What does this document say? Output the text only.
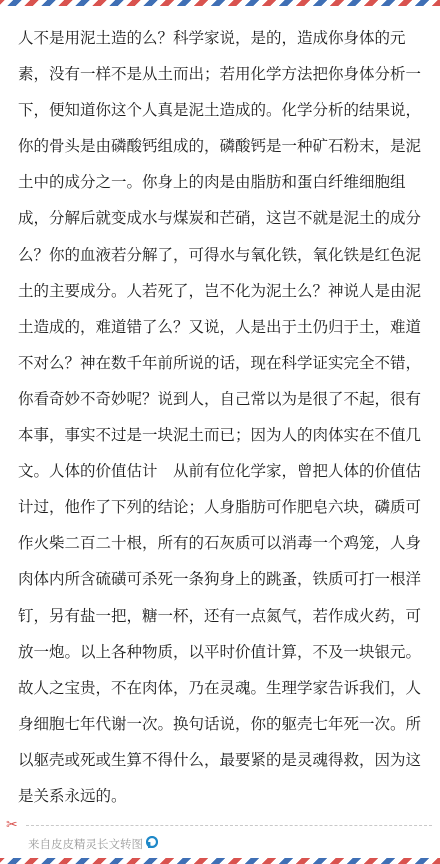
人不是用泥土造的么？科学家说，是的，造成你身体的元素，没有一样不是从土而出；若用化学方法把你身体分析一下，便知道你这个人真是泥土造成的。化学分析的结果说，你的骨头是由磷酸钙组成的，磷酸钙是一种矿石粉末，是泥土中的成分之一。你身上的肉是由脂肪和蛋白纤维细胞组成，分解后就变成水与煤炭和芒硝，这岂不就是泥土的成分么？你的血液若分解了，可得水与氧化铁，氧化铁是红色泥土的主要成分。人若死了，岂不化为泥土么？神说人是由泥土造成的，难道错了么？又说，人是出于土仍归于土，难道不对么？神在数千年前所说的话，现在科学证实完全不错，你看奇妙不奇妙呢？说到人，自己常以为是很了不起，很有本事，事实不过是一块泥土而已；因为人的肉体实在不值几文。人体的价值估计　从前有位化学家，曾把人体的价值估计过，他作了下列的结论；人身脂肪可作肥皂六块，磷质可作火柴二百二十根，所有的石灰质可以消毒一个鸡笼，人身肉体内所含硫磺可杀死一条狗身上的跳蚤，铁质可打一根洋钉，另有盐一把，糖一杯，还有一点氮气，若作成火药，可放一炮。以上各种物质，以平时价值计算，不及一块银元。故人之宝贵，不在肉体，乃在灵魂。生理学家告诉我们，人身细胞七年代谢一次。换句话说，你的躯壳七年死一次。所以躯壳或死或生算不得什么，最要紧的是灵魂得救，因为这是关系永远的。

✂
来自皮皮精灵长文转图
